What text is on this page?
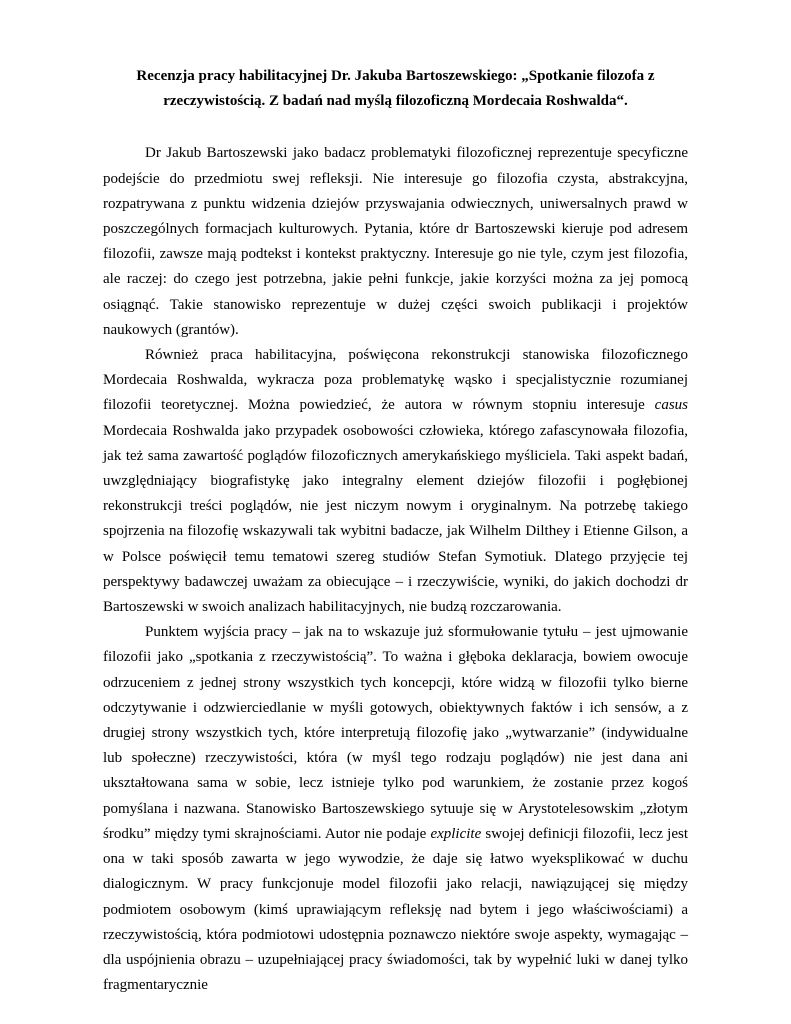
Recenzja pracy habilitacyjnej Dr. Jakuba Bartoszewskiego: „Spotkanie filozofa z rzeczywistością. Z badań nad myślą filozoficzną Mordecaia Roshwalda“.

Dr Jakub Bartoszewski jako badacz problematyki filozoficznej reprezentuje specyficzne podejście do przedmiotu swej refleksji. Nie interesuje go filozofia czysta, abstrakcyjna, rozpatrywana z punktu widzenia dziejów przyswajania odwiecznych, uniwersalnych prawd w poszczególnych formacjach kulturowych. Pytania, które dr Bartoszewski kieruje pod adresem filozofii, zawsze mają podtekst i kontekst praktyczny. Interesuje go nie tyle, czym jest filozofia, ale raczej: do czego jest potrzebna, jakie pełni funkcje, jakie korzyści można za jej pomocą osiągnąć. Takie stanowisko reprezentuje w dużej części swoich publikacji i projektów naukowych (grantów).

Również praca habilitacyjna, poświęcona rekonstrukcji stanowiska filozoficznego Mordecaia Roshwalda, wykracza poza problematykę wąsko i specjalistycznie rozumianej filozofii teoretycznej. Można powiedzieć, że autora w równym stopniu interesuje casus Mordecaia Roshwalda jako przypadek osobowości człowieka, którego zafascynowała filozofia, jak też sama zawartość poglądów filozoficznych amerykańskiego myśliciela. Taki aspekt badań, uwzględniający biografistykę jako integralny element dziejów filozofii i pogłębionej rekonstrukcji treści poglądów, nie jest niczym nowym i oryginalnym. Na potrzebę takiego spojrzenia na filozofię wskazywali tak wybitni badacze, jak Wilhelm Dilthey i Etienne Gilson, a w Polsce poświęcił temu tematowi szereg studiów Stefan Symotiuk. Dlatego przyjęcie tej perspektywy badawczej uważam za obiecujące – i rzeczywiście, wyniki, do jakich dochodzi dr Bartoszewski w swoich analizach habilitacyjnych, nie budzą rozczarowania.

Punktem wyjścia pracy – jak na to wskazuje już sformułowanie tytułu – jest ujmowanie filozofii jako „spotkania z rzeczywistością”. To ważna i głęboka deklaracja, bowiem owocuje odrzuceniem z jednej strony wszystkich tych koncepcji, które widzą w filozofii tylko bierne odczytywanie i odzwierciedlanie w myśli gotowych, obiektywnych faktów i ich sensów, a z drugiej strony wszystkich tych, które interpretują filozofię jako „wytwarzanie” (indywidualne lub społeczne) rzeczywistości, która (w myśl tego rodzaju poglądów) nie jest dana ani ukształtowana sama w sobie, lecz istnieje tylko pod warunkiem, że zostanie przez kogoś pomyślana i nazwana. Stanowisko Bartoszewskiego sytuuje się w Arystotelesowskim „złotym środku” między tymi skrajnościami. Autor nie podaje explicite swojej definicji filozofii, lecz jest ona w taki sposób zawarta w jego wywodzie, że daje się łatwo wyeksplikować w duchu dialogicznym. W pracy funkcjonuje model filozofii jako relacji, nawiązującej się między podmiotem osobowym (kimś uprawiającym refleksję nad bytem i jego właściwościami) a rzeczywistością, która podmiotowi udostępnia poznawczo niektóre swoje aspekty, wymagając – dla uspójnienia obrazu – uzupełniającej pracy świadomości, tak by wypełnić luki w danej tylko fragmentarycznie
